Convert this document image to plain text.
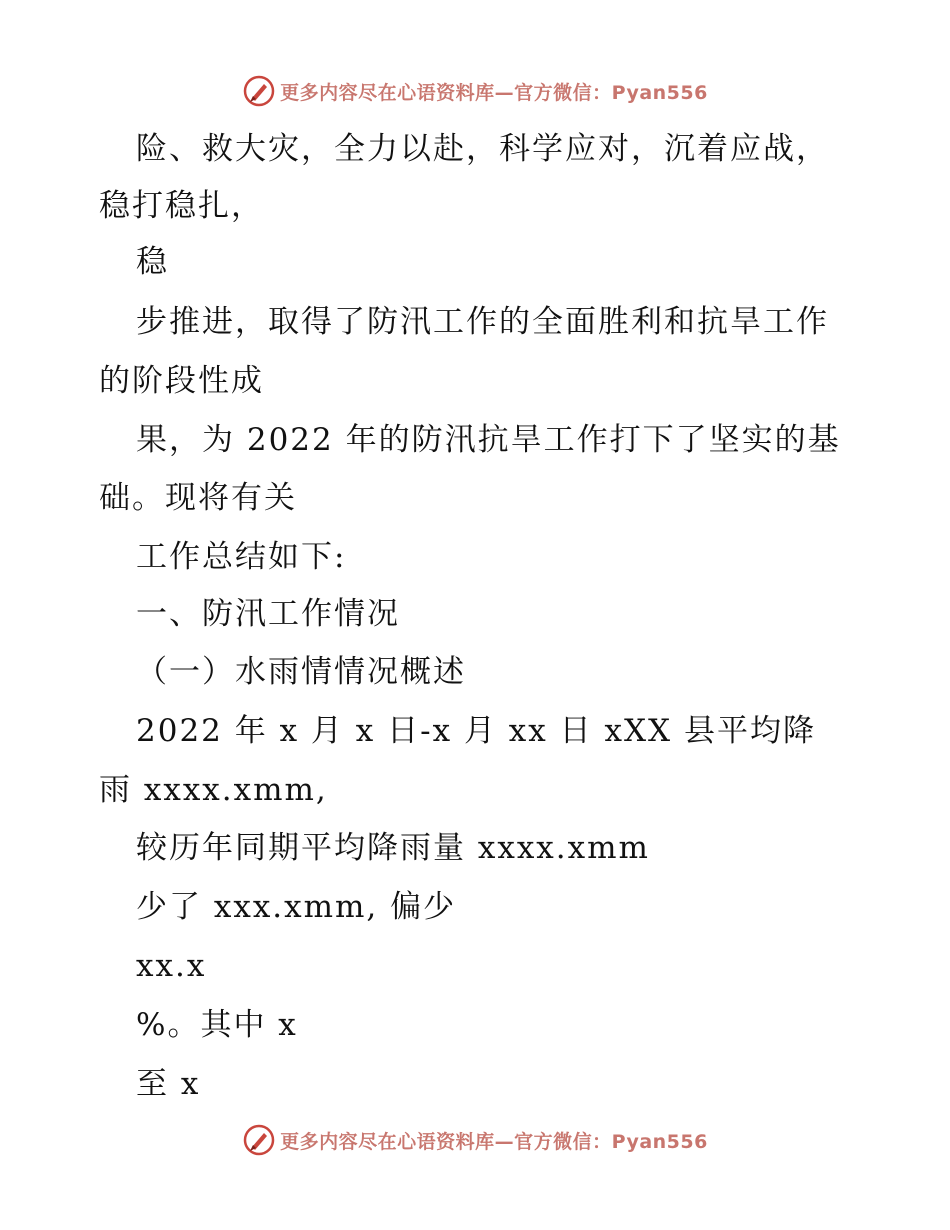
更多内容尽在心语资料库—官方微信：Pyan556
险、救大灾，全力以赴，科学应对，沉着应战，
稳打稳扎，
稳
步推进，取得了防汛工作的全面胜利和抗旱工作
的阶段性成
果，为 2022 年的防汛抗旱工作打下了坚实的基
础。现将有关
工作总结如下:
一、防汛工作情况
（一）水雨情情况概述
2022 年 x 月 x 日-x 月 xx 日 xXX 县平均降
雨 xxxx.xmm,
较历年同期平均降雨量 xxxx.xmm
少了 xxx.xmm, 偏少
xx.x
%。其中 x
至 x
更多内容尽在心语资料库—官方微信：Pyan556
